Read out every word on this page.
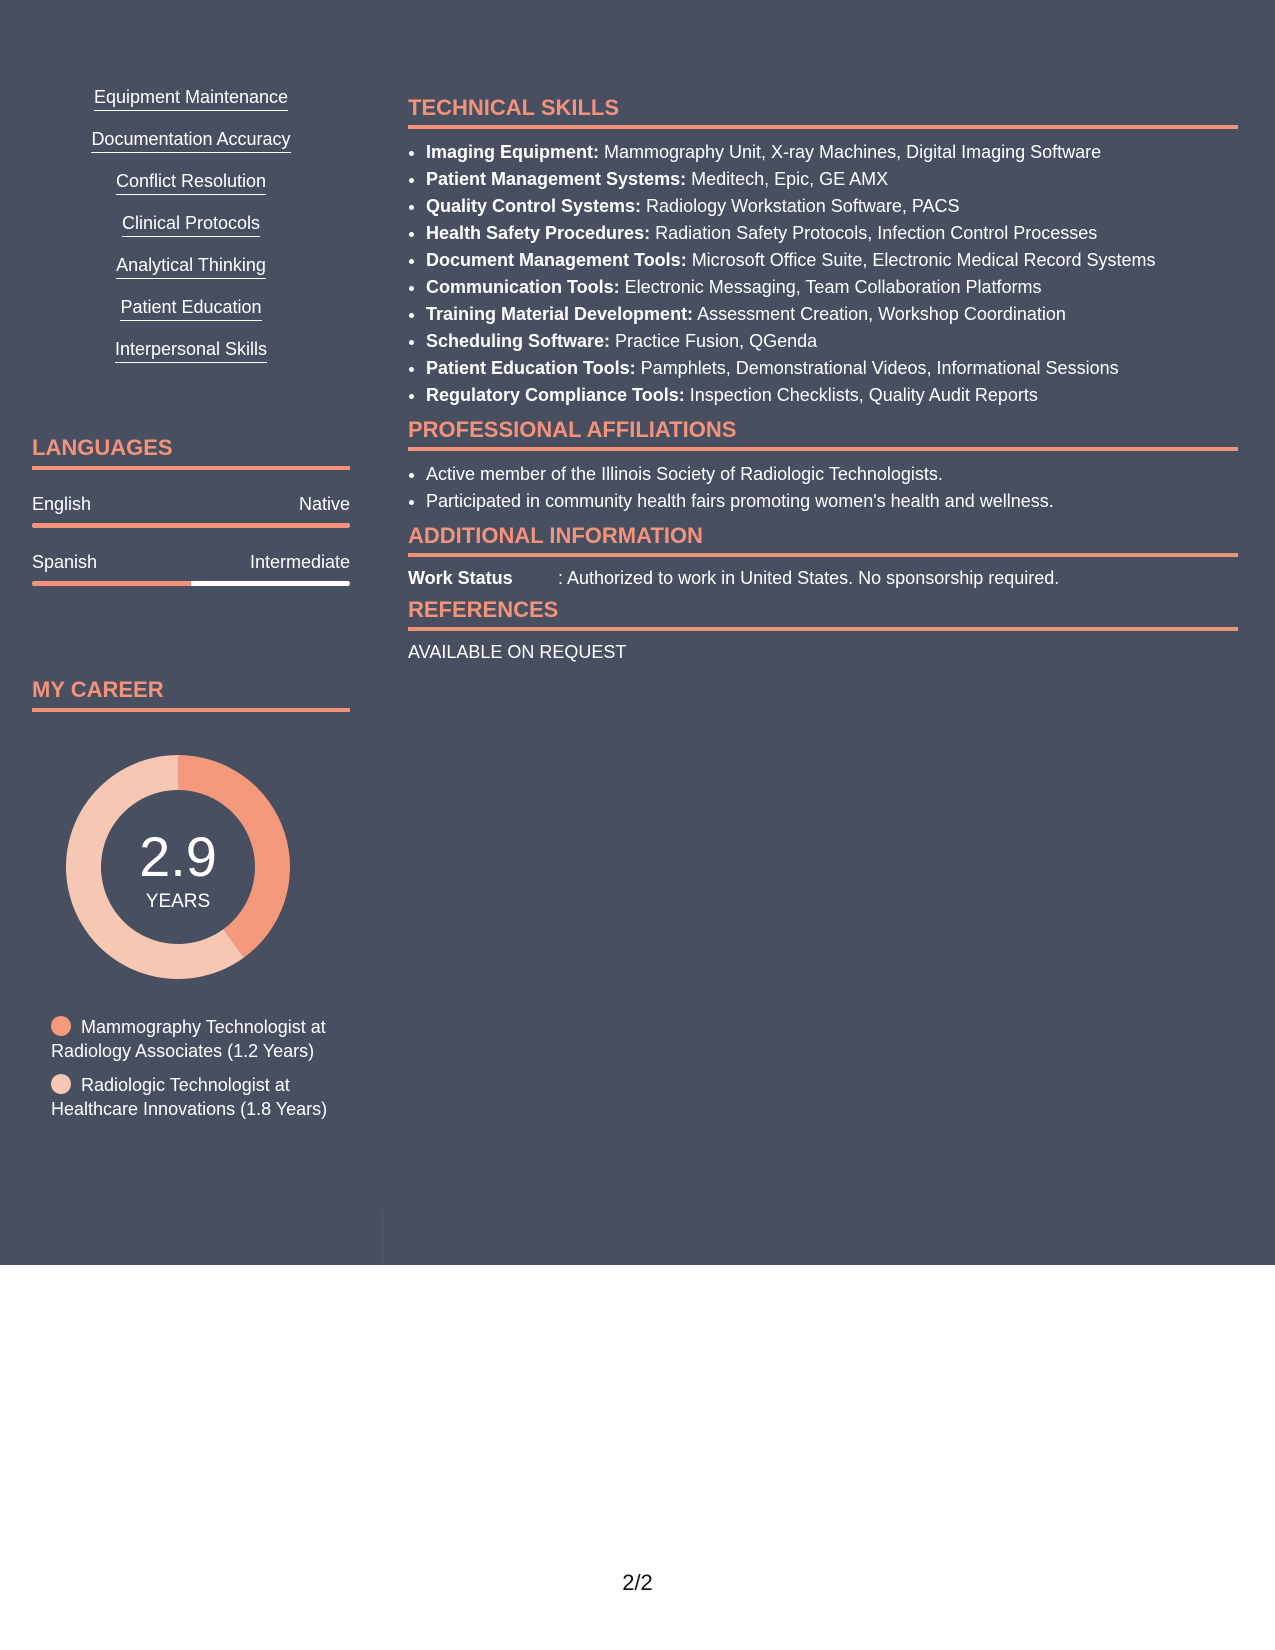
Equipment Maintenance
Documentation Accuracy
Conflict Resolution
Clinical Protocols
Analytical Thinking
Patient Education
Interpersonal Skills
LANGUAGES
English	Native
Spanish	Intermediate
MY CAREER
2.9
YEARS
Mammography Technologist at Radiology Associates (1.2 Years)
Radiologic Technologist at Healthcare Innovations (1.8 Years)
TECHNICAL SKILLS
• Imaging Equipment: Mammography Unit, X-ray Machines, Digital Imaging Software
• Patient Management Systems: Meditech, Epic, GE AMX
• Quality Control Systems: Radiology Workstation Software, PACS
• Health Safety Procedures: Radiation Safety Protocols, Infection Control Processes
• Document Management Tools: Microsoft Office Suite, Electronic Medical Record Systems
• Communication Tools: Electronic Messaging, Team Collaboration Platforms
• Training Material Development: Assessment Creation, Workshop Coordination
• Scheduling Software: Practice Fusion, QGenda
• Patient Education Tools: Pamphlets, Demonstrational Videos, Informational Sessions
• Regulatory Compliance Tools: Inspection Checklists, Quality Audit Reports
PROFESSIONAL AFFILIATIONS
• Active member of the Illinois Society of Radiologic Technologists.
• Participated in community health fairs promoting women's health and wellness.
ADDITIONAL INFORMATION
Work Status	: Authorized to work in United States. No sponsorship required.
REFERENCES
AVAILABLE ON REQUEST
2/2
